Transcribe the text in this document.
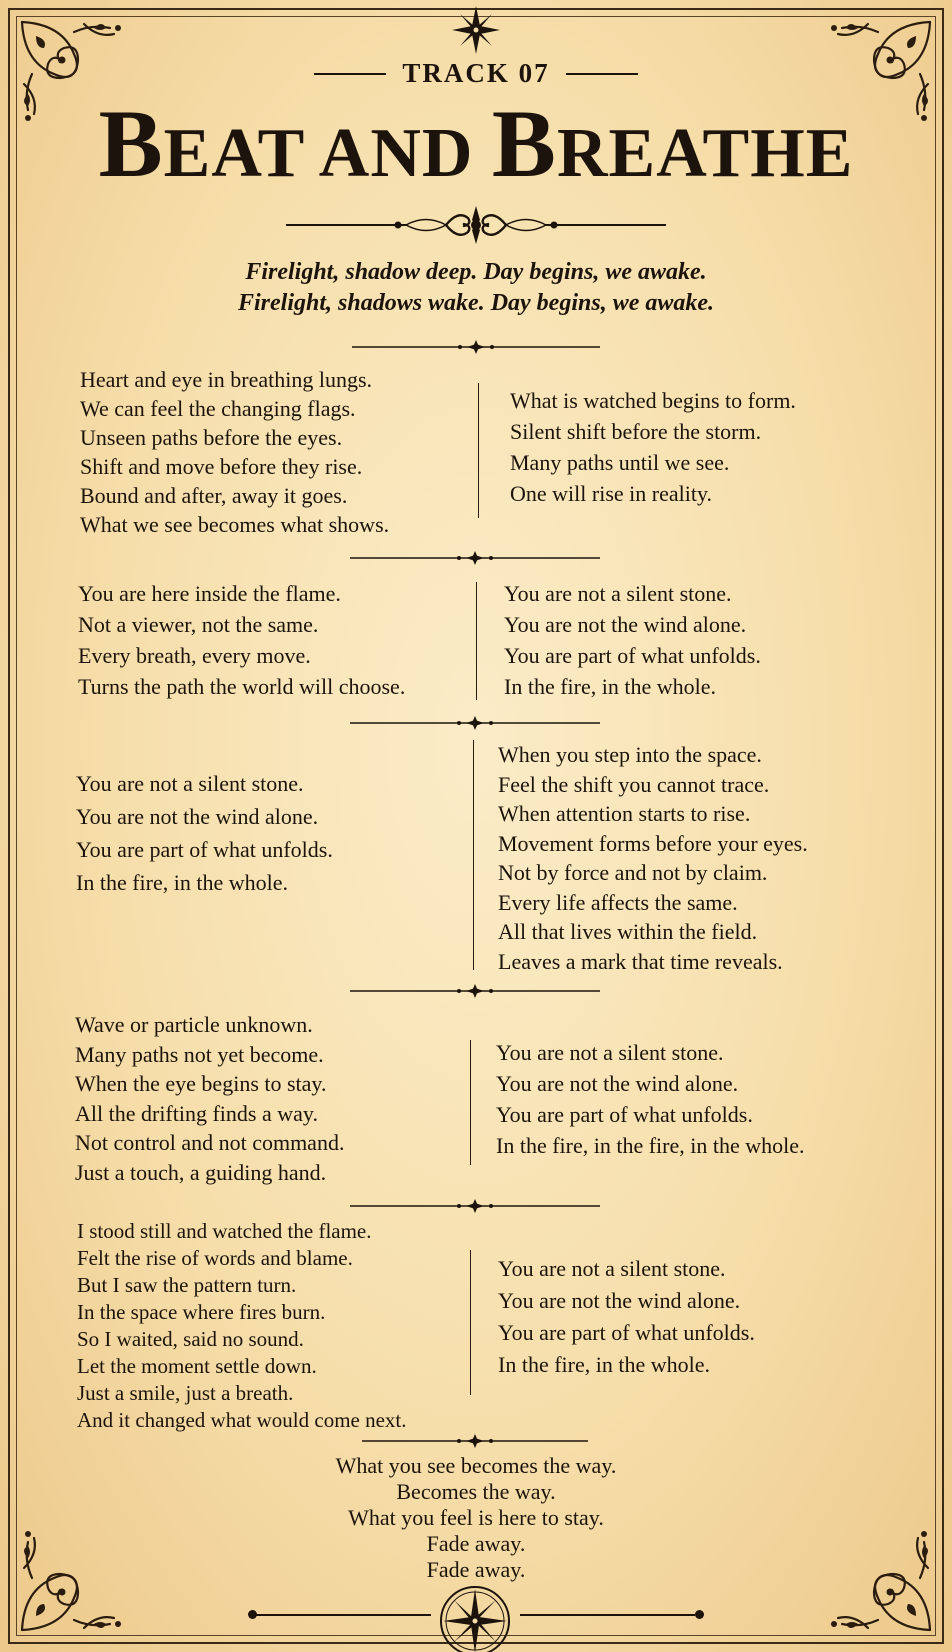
TRACK 07
BEAT AND BREATHE
Firelight, shadow deep. Day begins, we awake.
Firelight, shadows wake. Day begins, we awake.
Heart and eye in breathing lungs.
We can feel the changing flags.
Unseen paths before the eyes.
Shift and move before they rise.
Bound and after, away it goes.
What we see becomes what shows.
What is watched begins to form.
Silent shift before the storm.
Many paths until we see.
One will rise in reality.
You are here inside the flame.
Not a viewer, not the same.
Every breath, every move.
Turns the path the world will choose.
You are not a silent stone.
You are not the wind alone.
You are part of what unfolds.
In the fire, in the whole.
You are not a silent stone.
You are not the wind alone.
You are part of what unfolds.
In the fire, in the whole.
When you step into the space.
Feel the shift you cannot trace.
When attention starts to rise.
Movement forms before your eyes.
Not by force and not by claim.
Every life affects the same.
All that lives within the field.
Leaves a mark that time reveals.
Wave or particle unknown.
Many paths not yet become.
When the eye begins to stay.
All the drifting finds a way.
Not control and not command.
Just a touch, a guiding hand.
You are not a silent stone.
You are not the wind alone.
You are part of what unfolds.
In the fire, in the fire, in the whole.
I stood still and watched the flame.
Felt the rise of words and blame.
But I saw the pattern turn.
In the space where fires burn.
So I waited, said no sound.
Let the moment settle down.
Just a smile, just a breath.
And it changed what would come next.
You are not a silent stone.
You are not the wind alone.
You are part of what unfolds.
In the fire, in the whole.
What you see becomes the way.
Becomes the way.
What you feel is here to stay.
Fade away.
Fade away.
